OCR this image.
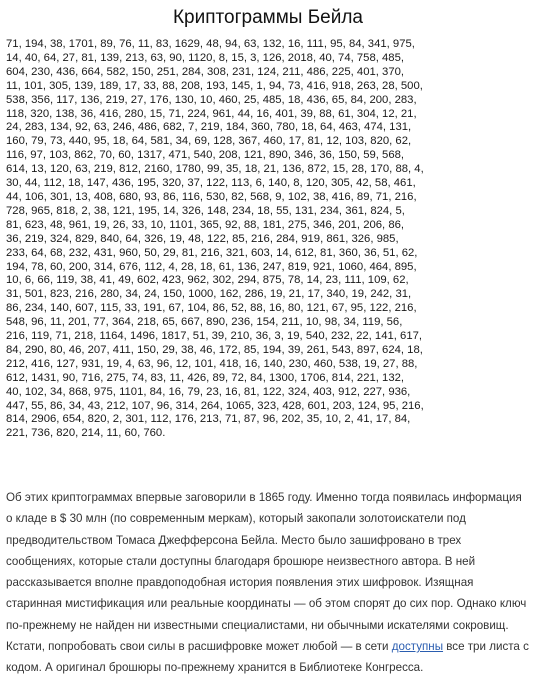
Криптограммы Бейла
71, 194, 38, 1701, 89, 76, 11, 83, 1629, 48, 94, 63, 132, 16, 111, 95, 84, 341, 975,
14, 40, 64, 27, 81, 139, 213, 63, 90, 1120, 8, 15, 3, 126, 2018, 40, 74, 758, 485,
604, 230, 436, 664, 582, 150, 251, 284, 308, 231, 124, 211, 486, 225, 401, 370,
11, 101, 305, 139, 189, 17, 33, 88, 208, 193, 145, 1, 94, 73, 416, 918, 263, 28, 500,
538, 356, 117, 136, 219, 27, 176, 130, 10, 460, 25, 485, 18, 436, 65, 84, 200, 283,
118, 320, 138, 36, 416, 280, 15, 71, 224, 961, 44, 16, 401, 39, 88, 61, 304, 12, 21,
24, 283, 134, 92, 63, 246, 486, 682, 7, 219, 184, 360, 780, 18, 64, 463, 474, 131,
160, 79, 73, 440, 95, 18, 64, 581, 34, 69, 128, 367, 460, 17, 81, 12, 103, 820, 62,
116, 97, 103, 862, 70, 60, 1317, 471, 540, 208, 121, 890, 346, 36, 150, 59, 568,
614, 13, 120, 63, 219, 812, 2160, 1780, 99, 35, 18, 21, 136, 872, 15, 28, 170, 88, 4,
30, 44, 112, 18, 147, 436, 195, 320, 37, 122, 113, 6, 140, 8, 120, 305, 42, 58, 461,
44, 106, 301, 13, 408, 680, 93, 86, 116, 530, 82, 568, 9, 102, 38, 416, 89, 71, 216,
728, 965, 818, 2, 38, 121, 195, 14, 326, 148, 234, 18, 55, 131, 234, 361, 824, 5,
81, 623, 48, 961, 19, 26, 33, 10, 1101, 365, 92, 88, 181, 275, 346, 201, 206, 86,
36, 219, 324, 829, 840, 64, 326, 19, 48, 122, 85, 216, 284, 919, 861, 326, 985,
233, 64, 68, 232, 431, 960, 50, 29, 81, 216, 321, 603, 14, 612, 81, 360, 36, 51, 62,
194, 78, 60, 200, 314, 676, 112, 4, 28, 18, 61, 136, 247, 819, 921, 1060, 464, 895,
10, 6, 66, 119, 38, 41, 49, 602, 423, 962, 302, 294, 875, 78, 14, 23, 111, 109, 62,
31, 501, 823, 216, 280, 34, 24, 150, 1000, 162, 286, 19, 21, 17, 340, 19, 242, 31,
86, 234, 140, 607, 115, 33, 191, 67, 104, 86, 52, 88, 16, 80, 121, 67, 95, 122, 216,
548, 96, 11, 201, 77, 364, 218, 65, 667, 890, 236, 154, 211, 10, 98, 34, 119, 56,
216, 119, 71, 218, 1164, 1496, 1817, 51, 39, 210, 36, 3, 19, 540, 232, 22, 141, 617,
84, 290, 80, 46, 207, 411, 150, 29, 38, 46, 172, 85, 194, 39, 261, 543, 897, 624, 18,
212, 416, 127, 931, 19, 4, 63, 96, 12, 101, 418, 16, 140, 230, 460, 538, 19, 27, 88,
612, 1431, 90, 716, 275, 74, 83, 11, 426, 89, 72, 84, 1300, 1706, 814, 221, 132,
40, 102, 34, 868, 975, 1101, 84, 16, 79, 23, 16, 81, 122, 324, 403, 912, 227, 936,
447, 55, 86, 34, 43, 212, 107, 96, 314, 264, 1065, 323, 428, 601, 203, 124, 95, 216,
814, 2906, 654, 820, 2, 301, 112, 176, 213, 71, 87, 96, 202, 35, 10, 2, 41, 17, 84,
221, 736, 820, 214, 11, 60, 760.

Об этих криптограммах впервые заговорили в 1865 году. Именно тогда появилась информация о кладе в $ 30 млн (по современным меркам), который закопали золотоискатели под предводительством Томаса Джефферсона Бейла. Место было зашифровано в трех сообщениях, которые стали доступны благодаря брошюре неизвестного автора. В ней рассказывается вполне правдоподобная история появления этих шифровок. Изящная старинная мистификация или реальные координаты — об этом спорят до сих пор. Однако ключ по-прежнему не найден ни известными специалистами, ни обычными искателями сокровищ. Кстати, попробовать свои силы в расшифровке может любой — в сети доступны все три листа с кодом. А оригинал брошюры по-прежнему хранится в Библиотеке Конгресса.
